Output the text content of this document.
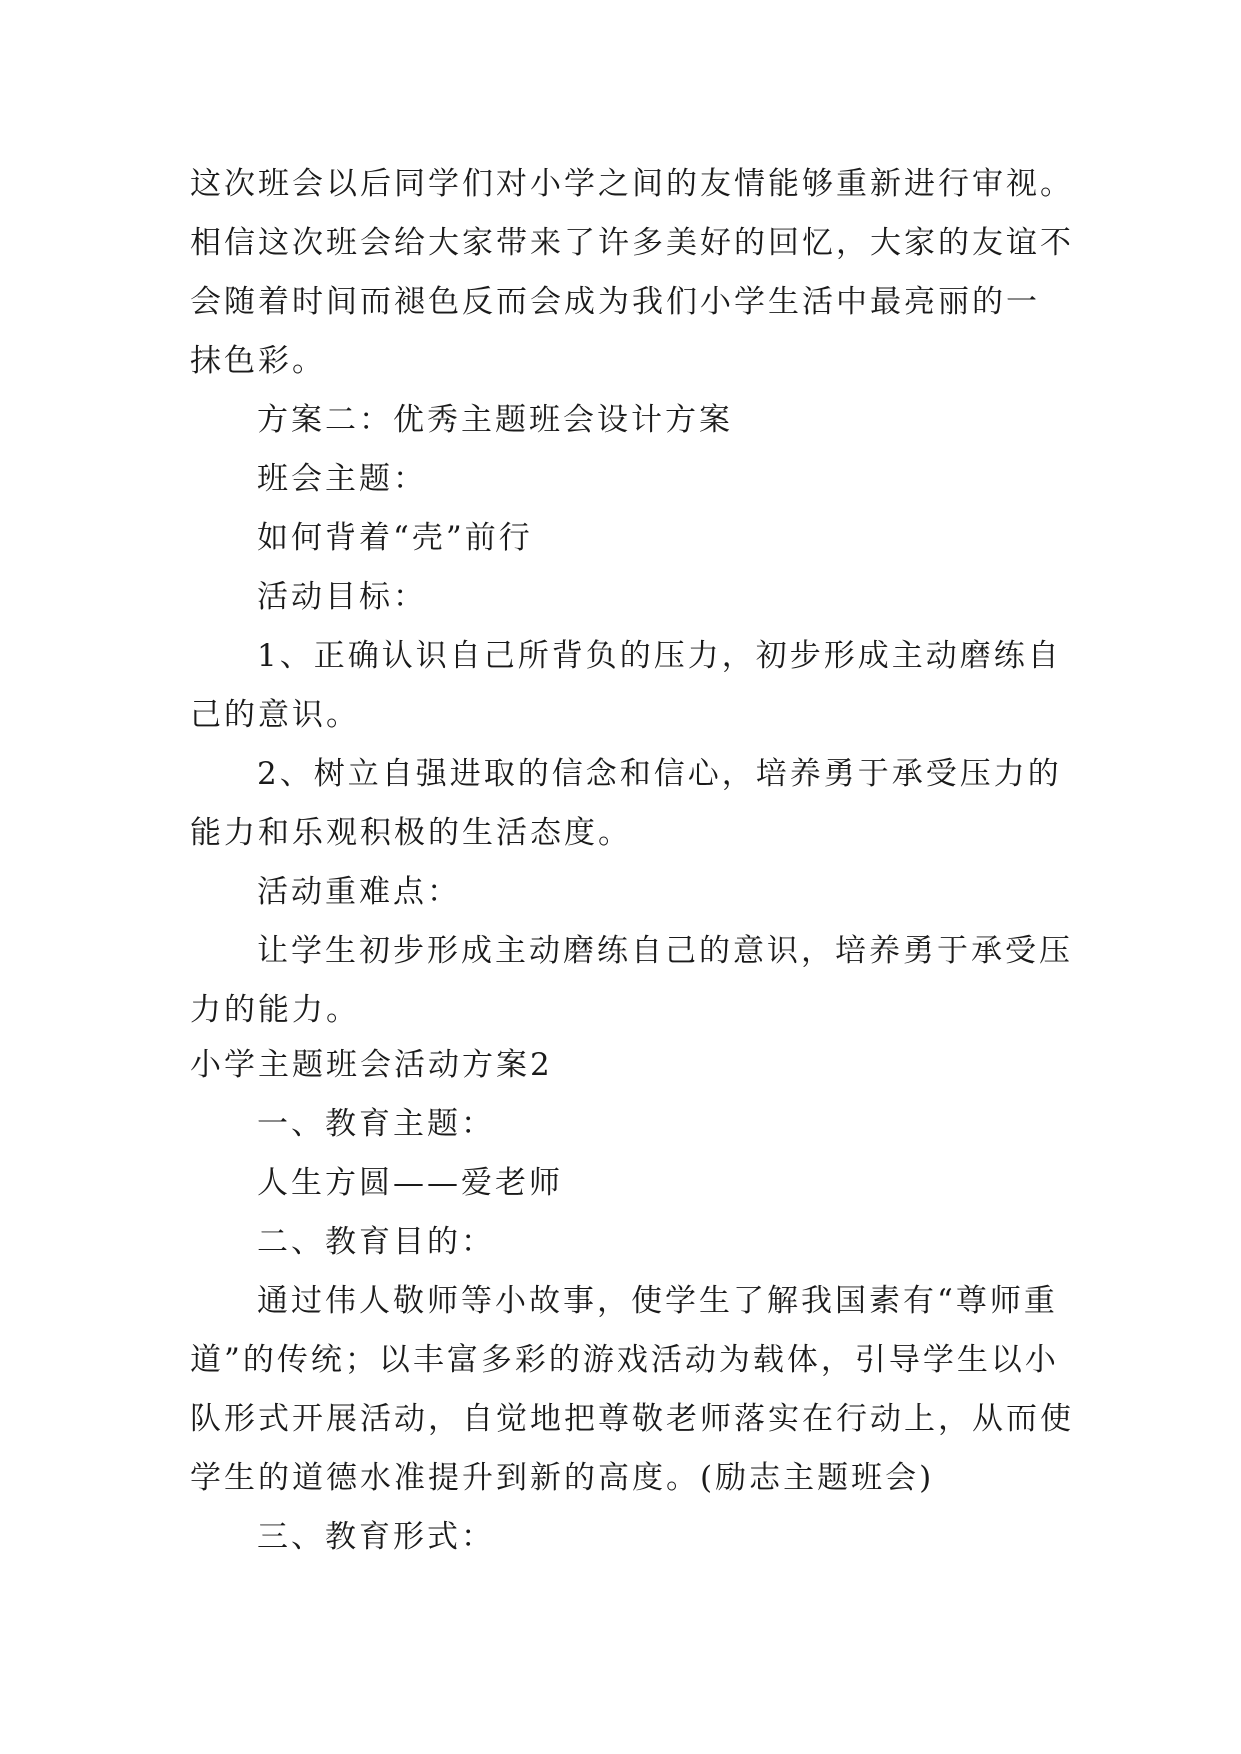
这次班会以后同学们对小学之间的友情能够重新进行审视。
相信这次班会给大家带来了许多美好的回忆，大家的友谊不
会随着时间而褪色反而会成为我们小学生活中最亮丽的一
抹色彩。
方案二：优秀主题班会设计方案
班会主题：
如何背着“壳”前行
活动目标：
1、正确认识自己所背负的压力，初步形成主动磨练自
己的意识。
2、树立自强进取的信念和信心，培养勇于承受压力的
能力和乐观积极的生活态度。
活动重难点：
让学生初步形成主动磨练自己的意识，培养勇于承受压
力的能力。
小学主题班会活动方案2
一、教育主题：
人生方圆——爱老师
二、教育目的：
通过伟人敬师等小故事，使学生了解我国素有“尊师重
道”的传统；以丰富多彩的游戏活动为载体，引导学生以小
队形式开展活动，自觉地把尊敬老师落实在行动上，从而使
学生的道德水准提升到新的高度。(励志主题班会)
三、教育形式：
